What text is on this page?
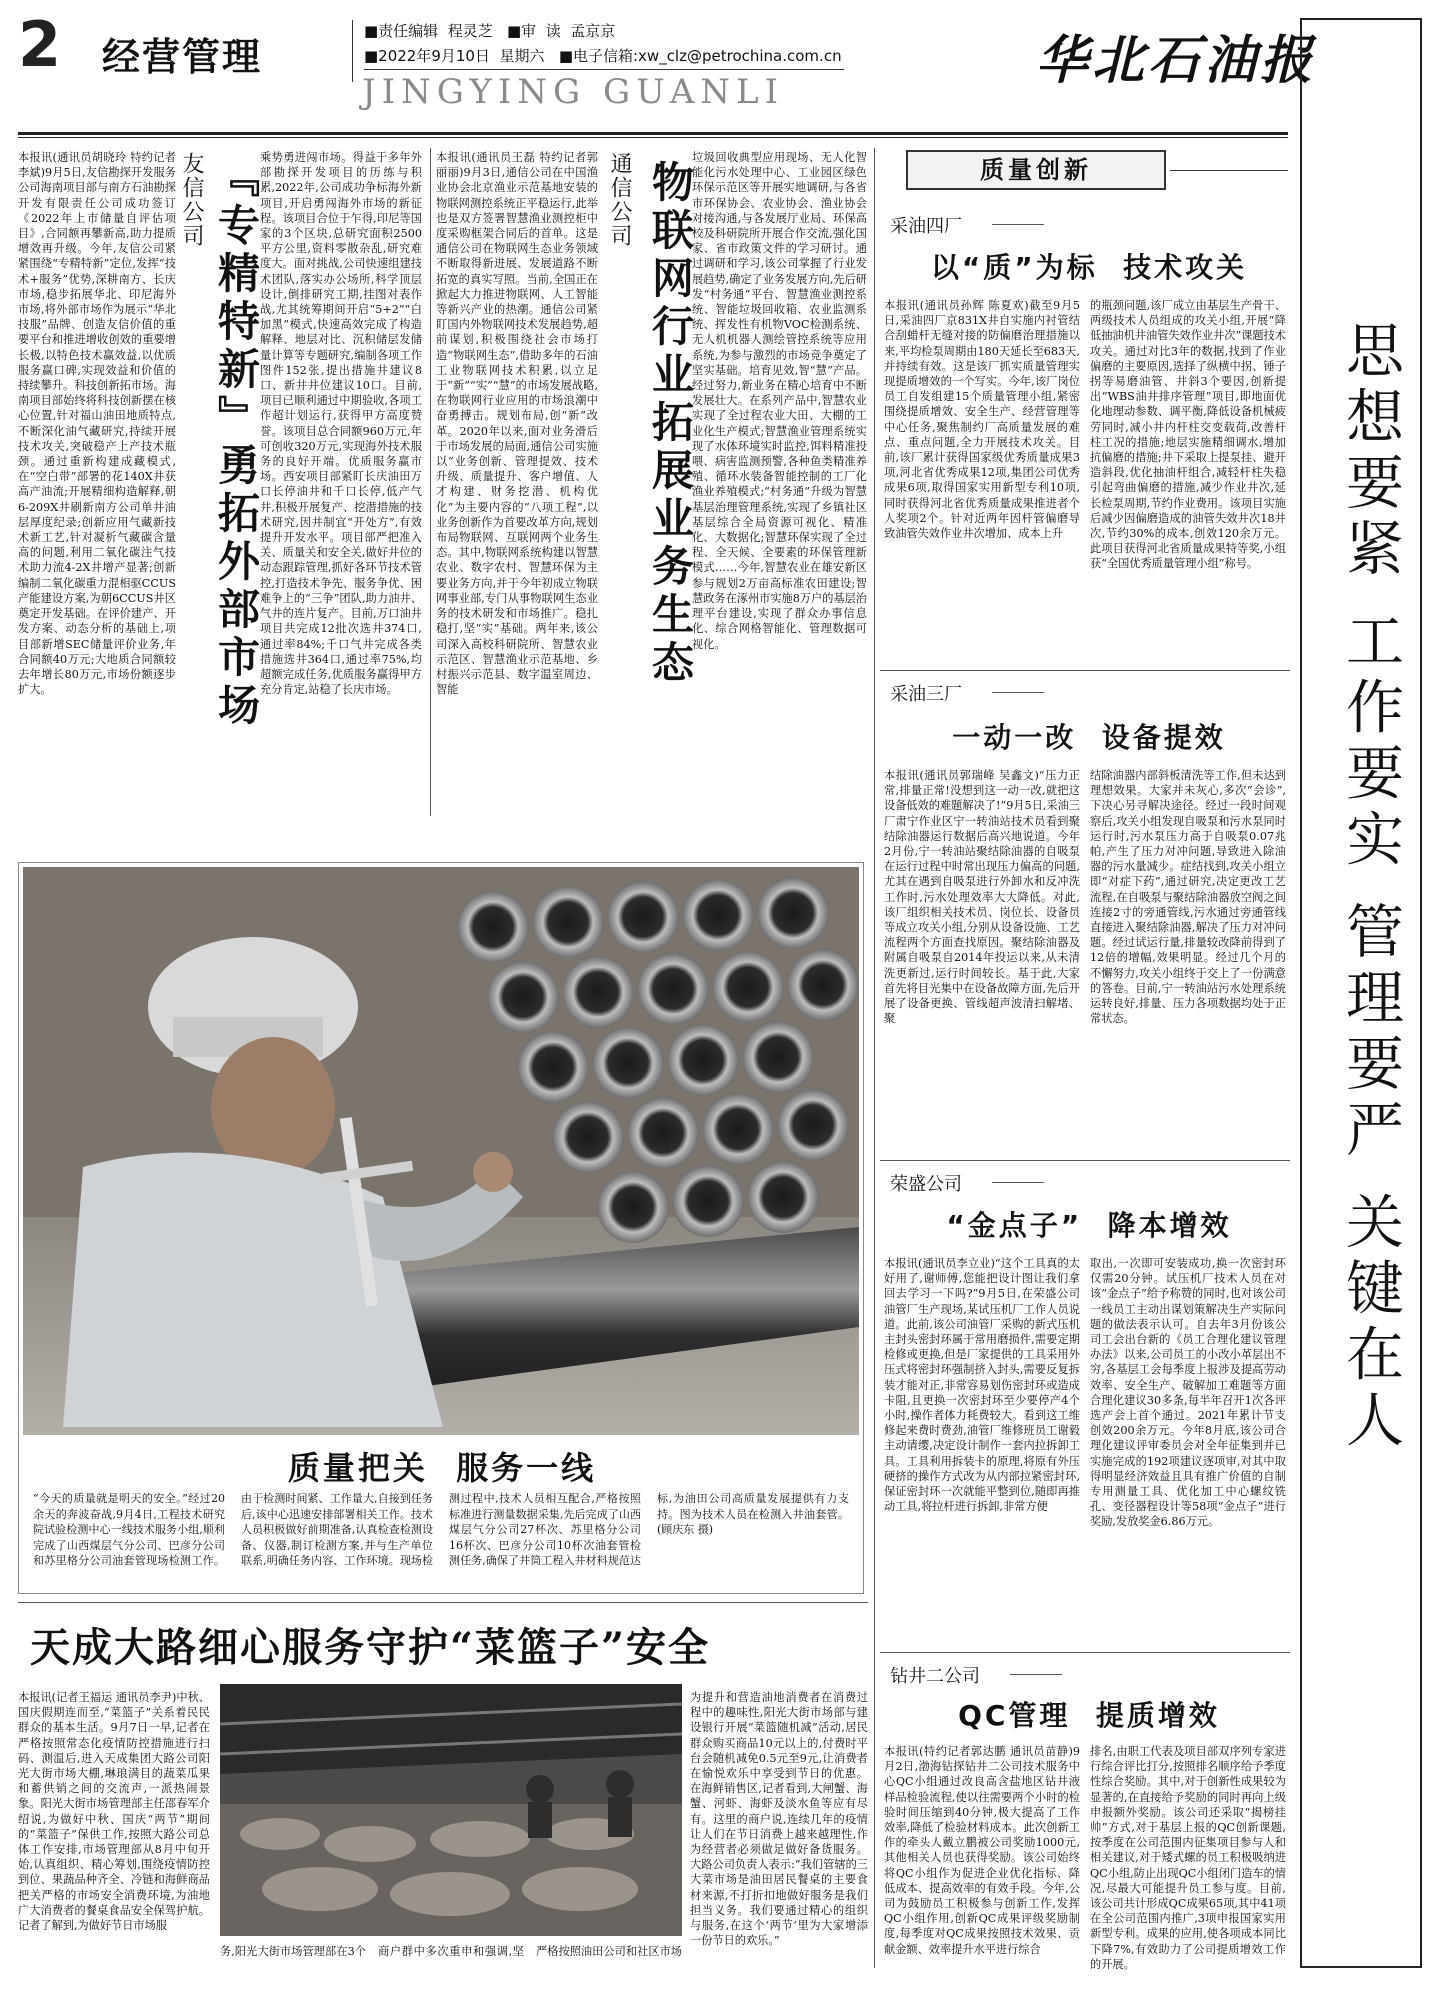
2 经营管理
■责任编辑  程灵芝   ■审  读  孟京京
■2022年9月10日  星期六   ■电子信箱:xw_clz@petrochina.com.cn
JINGYING GUANLI
华北石油报
思想要紧 工作要实 管理要严 关键在人
本报讯(通讯员胡晓玲 特约记者李斌)9月5日,友信勘探开发服务公司海南项目部与南方石油勘探开发有限责任公司成功签订《2022年上市储量自评估项目》,合同额再攀新高,助力提质增效再升级。今年,友信公司紧紧围绕“专精特新”定位,发挥“技术+服务”优势,深耕南方、长庆市场,稳步拓展华北、印尼海外市场,将外部市场作为展示“华北技服”品牌、创造友信价值的重要平台和推进增收创效的重要增长极,以特色技术赢效益,以优质服务赢口碑,实现效益和价值的持续攀升。科技创新拓市场。海南项目部始终将科技创新摆在核心位置,针对福山油田地质特点,不断深化油气藏研究,持续开展技术攻关,突破稳产上产技术瓶颈。通过重新构建成藏模式,在“空白带”部署的花140X井获高产油流;开展精细构造解释,朝6-209X井刷新南方公司单井油层厚度纪录;创新应用气藏新技术新工艺,针对凝析气藏碳含量高的问题,利用二氧化碳注气技术助力流4-2X井增产显著;创新编制二氧化碳重力混相驱CCUS产能建设方案,为朝6CCUS井区奠定开发基础。在评价建产、开发方案、动态分析的基础上,项目部新增SEC储量评价业务,年合同额40万元;大地质合同额较去年增长80万元,市场份额逐步扩大。
友信公司 『专精特新』勇拓外部市场 乘势勇进闯市场。得益于多年外部勘探开发项目的历练与积累,2022年,公司成功争标海外新项目,开启勇闯海外市场的新征程。该项目合位于乍得,印尼等国家的3个区块,总研究面积2500平方公里,资料零散杂乱,研究难度大。面对挑战,公司快速组建技术团队,落实办公场所,科学顶层设计,倒排研究工期,挂图对表作战,尤其统筹期间开启“5+2”“白加黑”模式,快速高效完成了构造解释、地层对比、沉积储层发储量计算等专题研究,编制各项工作图件152张,提出措施井建议8口、新井井位建议10口。目前,项目已顺利通过中期验收,各项工作超计划运行,获得甲方高度赞誉。该项目总合同额960万元,年可创收320万元,实现海外技术服务的良好开端。优质服务赢市场。西安项目部紧盯长庆油田万口长停油井和千口长停,低产气井,积极开展复产、挖潜措施的技术研究,因井制宜“开处方”,有效提升开发水平。项目部严把准入关、质量关和安全关,做好井位的动态跟踪管理,抓好各环节技术管控,打造技术争先、服务争优、困难争上的“三争”团队,助力油井、气井的连片复产。目前,万口油井项目共完成12批次选井374口,通过率84%;千口气井完成各类措施选井364口,通过率75%,均超额完成任务,优质服务赢得甲方充分肯定,站稳了长庆市场。
本报讯(通讯员王磊 特约记者郭丽丽)9月3日,通信公司在中国渔业协会北京渔业示范基地安装的物联网测控系统正平稳运行,此举也是双方签署智慧渔业测控柜中度采购框架合同后的首单。这是通信公司在物联网生态业务领域不断取得新进展、发展道路不断拓宽的真实写照。当前,全国正在掀起大力推进物联网、人工智能等新兴产业的热潮。通信公司紧盯国内外物联网技术发展趋势,超前谋划,积极围绕社会市场打造“物联网生态”,借助多年的石油工业物联网技术积累,以立足于“新”“实”“慧”的市场发展战略,在物联网行业应用的市场浪潮中奋勇搏击。规划布局,创“新”改革。2020年以来,面对业务滑后于市场发展的局面,通信公司实施以“业务创新、管理提效、技术升级、质量提升、客户增值、人才构建、财务挖潜、机构优化”为主要内容的“八项工程”,以业务创新作为首要改革方向,规划布局物联网、互联网两个业务生态。其中,物联网系统构建以智慧农业、数字农村、智慧环保为主要业务方向,并于今年初成立物联网事业部,专门从事物联网生态业务的技术研发和市场推广。稳扎稳打,坚“实”基础。两年来,该公司深入高校科研院所、智慧农业示范区、智慧渔业示范基地、乡村振兴示范县、数字温室周边、智能
通信公司 物联网行业拓展业务生态
垃圾回收典型应用现场、无人化智能化污水处理中心、工业园区绿色环保示范区等开展实地调研,与各省市环保协会、农业协会、渔业协会对接沟通,与各发展厅业局、环保高校及科研院所开展合作交流,强化国家、省市政策文件的学习研讨。通过调研和学习,该公司掌握了行业发展趋势,确定了业务发展方向,先后研发“村务通”平台、智慧渔业测控系统、智能垃圾回收箱、农业监测系统、挥发性有机物VOC检测系统、无人机机器人测绘管控系统等应用系统,为参与激烈的市场竞争奠定了坚实基础。培育见效,智“慧”产品。经过努力,新业务在精心培育中不断发展壮大。在系列产品中,智慧农业实现了全过程农业大田、大棚的工业化生产模式;智慧渔业管理系统实现了水体环境实时监控,饵料精准投喂、病害监测预警,各种鱼类精准养殖、循环水装备智能控制的工厂化渔业养殖模式;“村务通”升级为智慧基层治理管理系统,实现了乡镇社区基层综合全局资源可视化、精准化、大数据化;智慧环保实现了全过程、全天候、全要素的环保管理新模式……今年,智慧农业在雄安新区参与规划2万亩高标准农田建设;智慧政务在涿州市实施8万户的基层治理平台建设,实现了群众办事信息化、综合网格智能化、管理数据可视化。
质量把关  服务一线
“今天的质量就是明天的安全。”经过20余天的奔波奋战,9月4日,工程技术研究院试验检测中心一线技术服务小组,顺利完成了山西煤层气分公司、巴彦分公司和苏里格分公司油套管现场检测工作。由于检测时间紧、工作量大,自接到任务后,该中心迅速安排部署相关工作。技术人员积极做好前期准备,认真检查检测设备、仪器,制订检测方案,并与生产单位联系,明确任务内容、工作环境。现场检测过程中,技术人员相互配合,严格按照标准进行测量数据采集,先后完成了山西煤层气分公司27杯次、苏里格分公司16杯次、巴彦分公司10杯次油套管检测任务,确保了井筒工程入井材料规范达标,为油田公司高质量发展提供有力支持。图为技术人员在检测入井油套管。(顾庆东 摄)
天成大路细心服务守护“菜篮子”安全
本报讯(记者王福运 通讯员李尹)中秋、国庆假期连而至,“菜篮子”关系着民民群众的基本生活。9月7日一早,记者在严格按照常态化疫情防控措施进行扫码、测温后,进入天成集团大路公司阳光大街市场大棚,琳琅满目的蔬菜瓜果和蓄供销之间的交流声,一派热闹景象。阳光大街市场管理部主任邵春军介绍说,为做好中秋、国庆“两节”期间的“菜篮子”保供工作,按照大路公司总体工作安排,市场管理部从8月中旬开始,认真组织、精心筹划,围绕疫情防控到位、果蔬品种齐全、冷链和海鲜商品把关严格的市场安全消费环境,为油地广大消费者的餐桌食品安全保驾护航。记者了解到,为做好节日市场服
务,阳光大街市场管理部在3个商户群中多次重申和强调,坚严格按照油田公司和社区市场
为提升和营造油地消费者在消费过程中的趣味性,阳光大街市场部与建设银行开展“菜篮随机减”活动,居民群众购买商品10元以上的,付费时平台会随机减免0.5元至9元,让消费者在愉悦欢乐中享受到节日的优惠。在海鲜销售区,记者看到,大闸蟹、海蟹、河虾、海虾及淡水鱼等应有尽有。这里的商户说,连续几年的疫情让人们在节日消费上越来越理性,作为经营者必须做足做好备货服务。大路公司负责人表示:“我们管辖的三大菜市场是油田居民餐桌的主要食材来源,不打折扣地做好服务是我们担当义务。我们要通过精心的组织与服务,在这个‘两节’里为大家增添一份节日的欢乐。”
质量创新
采油四厂
以“质”为标  技术攻关
本报讯(通讯员孙辉 陈夏欢)截至9月5日,采油四厂京831X井自实施内衬管结合刮蜡杆无缝对接的防偏磨治理措施以来,平均检泵周期由180天延长至683天,并持续有效。这是该厂抓实质量管理实现提质增效的一个写实。今年,该厂岗位员工自发组建15个质量管理小组,紧密围绕提质增效、安全生产、经营管理等中心任务,聚焦制约厂高质量发展的难点、重点问题,全力开展技术攻关。目前,该厂累计获得国家级优秀质量成果3项,河北省优秀成果12项,集团公司优秀成果6项,取得国家实用新型专利10项,同时获得河北省优秀质量成果推进者个人奖项2个。针对近两年因杆管偏磨导致油管失效作业井次增加、成本上升
的瓶颈问题,该厂成立由基层生产骨干、两级技术人员组成的攻关小组,开展“降低抽油机井油管失效作业井次”课题技术攻关。通过对比3年的数据,找到了作业偏磨的主要原因,选择了纵横中拐、锤子拐等易磨油管、井斜3个要因,创新提出“WBS油井排序管理”项目,即地面优化地理动参数、调平衡,降低设备机械疲劳同时,减小井内杆柱交变载荷,改善杆柱工况的措施;地层实施精细调水,增加抗偏磨的措施;井下采取上提泵挂、避开造斜段,优化抽油杆组合,减轻杆柱失稳引起弯曲偏磨的措施,减少作业井次,延长检泵周期,节约作业费用。该项目实施后减少因偏磨造成的油管失效井次18井次,节约30%的成本,创效120余万元。此项目获得河北省质量成果特等奖,小组获“全国优秀质量管理小组”称号。
采油三厂
一动一改  设备提效
本报讯(通讯员郭瑞峰 吴鑫文)“压力正常,排量正常!没想到这一动一改,就把这设备低效的难题解决了!”9月5日,采油三厂肃宁作业区宁一转油站技术员看到聚结除油器运行数据后高兴地说道。今年2月份,宁一转油站聚结除油器的自吸泵在运行过程中时常出现压力偏高的问题,尤其在遇到自吸泵进行外卸水和反冲洗工作时,污水处理效率大大降低。对此,该厂组织相关技术员、岗位长、设备员等成立攻关小组,分别从设备设施、工艺流程两个方面查找原因。聚结除油器及附属自吸泵自2014年投运以来,从未清洗更新过,运行时间较长。基于此,大家首先将目光集中在设备故障方面,先后开展了设备更换、管线超声波清扫解堵、聚
结除油器内部斜板清洗等工作,但未达到理想效果。大家并未灰心,多次“会诊”,下决心另寻解决途径。经过一段时间观察后,攻关小组发现自吸泵和污水泵同时运行时,污水泵压力高于自吸泵0.07兆帕,产生了压力对冲问题,导致进入除油器的污水量减少。症结找到,攻关小组立即“对症下药”,通过研究,决定更改工艺流程,在自吸泵与聚结除油器放空阀之间连接2寸的旁通管线,污水通过旁通管线直接进入聚结除油器,解决了压力对冲问题。经过试运行量,排量较改降前得到了12倍的增幅,效果明显。经过几个月的不懈努力,攻关小组终于交上了一份满意的答卷。目前,宁一转油站污水处理系统运转良好,排量、压力各项数据均处于正常状态。
荣盛公司
“金点子”  降本增效
本报讯(通讯员李立业)“这个工具真的太好用了,谢师傅,您能把设计图让我们拿回去学习一下吗?”9月5日,在荣盛公司油管厂生产现场,某试压机厂工作人员说道。此前,该公司油管厂采购的新式压机主封头密封环属于常用磨损件,需要定期检修或更换,但是厂家提供的工具采用外压式将密封环强制挤入封头,需要反复拆装才能对正,非常容易划伤密封环或造成卡阻,且更换一次密封环至少要停产4个小时,操作者体力耗费较大。看到这工维修起来费时费劲,油管厂维修班员工谢毅主动请缨,决定设计制作一套内拉拆卸工具。工具利用拆装卡的原理,将原有外压硬挤的操作方式改为从内部拉紧密封环,保证密封环一次就能平整到位,随即再推动工具,将拉杆进行拆卸,非常方便
取出,一次即可安装成功,换一次密封环仅需20分钟。试压机厂技术人员在对该“金点子”给予称赞的同时,也对该公司一线员工主动出谋划策解决生产实际问题的做法表示认可。自去年3月份该公司工会出台新的《员工合理化建议管理办法》以来,公司员工的小改小革层出不穷,各基层工会每季度上报涉及提高劳动效率、安全生产、破解加工难题等方面合理化建议30多条,每半年召开1次各评选产会上首个通过。2021年累计节支创效200余万元。今年8月底,该公司合理化建议评审委员会对全年征集到并已实施完成的192项建议逐项审,对其中取得明显经济效益且具有推广价值的自制专用测量工具、优化加工中心螺纹铣孔、变径器程设计等58项“金点子”进行奖励,发放奖金6.86万元。
钻井二公司
QC管理  提质增效
本报讯(特约记者郭达鹏 通讯员苗静)9月2日,渤海钻探钻井二公司技术服务中心QC小组通过改良高含盐地区钻井液样品检验流程,使以往需要两个小时的检验时间压缩到40分钟,极大提高了工作效率,降低了检验材料成本。此次创新工作的牵头人戴立鹏被公司奖励1000元,其他相关人员也获得奖励。该公司始终将QC小组作为促进企业优化指标、降低成本、提高效率的有效手段。今年,公司为鼓励员工积极参与创新工作,发挥QC小组作用,创新QC成果评级奖励制度,每季度对QC成果按照技术效果、贡献金额、效率提升水平进行综合
排名,由职工代表及项目部双序列专家进行综合评比打分,按照排名顺序给予季度性综合奖励。其中,对于创新性成果较为显著的,在直接给予奖励的同时再向上级申报额外奖励。该公司还采取“揭榜挂帅”方式,对于基层上报的QC创新课题,按季度在公司范围内征集项目参与人和相关建议,对于矮式螺的员工积极吸纳进QC小组,防止出现QC小组闭门造车的情况,尽最大可能提升员工参与度。目前,该公司共计形成QC成果65项,其中41项在全公司范围内推广,3项申报国家实用新型专利。成果的应用,使各项成本同比下降7%,有效助力了公司提质增效工作的开展。
